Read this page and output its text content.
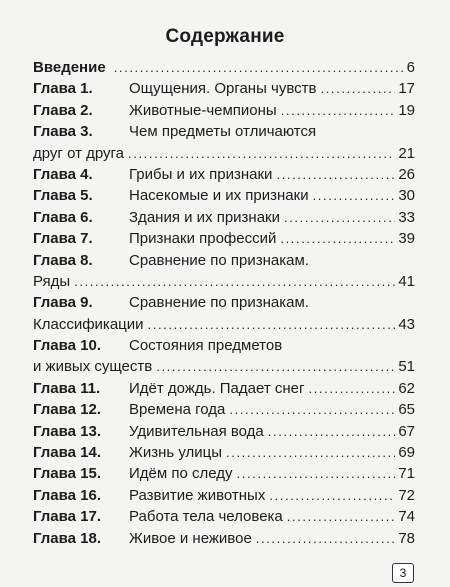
Содержание
Введение .....	6
Глава 1.	Ощущения. Органы чувств .....	17
Глава 2.	Животные-чемпионы .....	19
Глава 3.	Чем предметы отличаются
друг от друга .....	21
Глава 4.	Грибы и их признаки .....	26
Глава 5.	Насекомые и их признаки .....	30
Глава 6.	Здания и их признаки .....	33
Глава 7.	Признаки профессий .....	39
Глава 8.	Сравнение по признакам.
Ряды .....	41
Глава 9.	Сравнение по признакам.
Классификации .....	43
Глава 10.	Состояния предметов
и живых существ .....	51
Глава 11.	Идёт дождь. Падает снег .....	62
Глава 12.	Времена года .....	65
Глава 13.	Удивительная вода .....	67
Глава 14.	Жизнь улицы .....	69
Глава 15.	Идём по следу .....	71
Глава 16.	Развитие животных .....	72
Глава 17.	Работа тела человека .....	74
Глава 18.	Живое и неживое .....	78
3
